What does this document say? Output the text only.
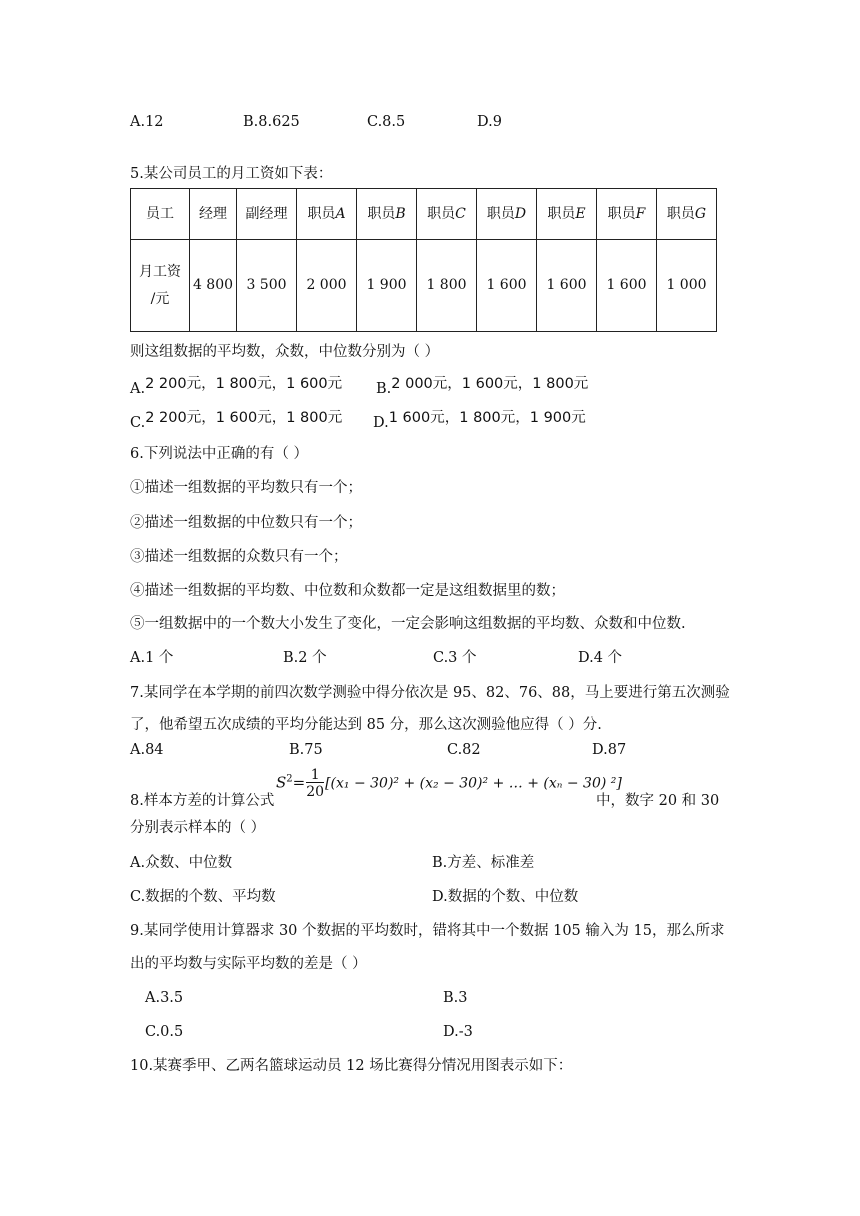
A.12	B.8.625	C.8.5	D.9
5.某公司员工的月工资如下表：
员工	经理	副经理	职员A	职员B	职员C	职员D	职员E	职员F	职员G

月工资
/元	4 800	3 500	2 000	1 900	1 800	1 600	1 600	1 600	1 000
则这组数据的平均数，众数，中位数分别为（ ）
A.2 200元，1 800元，1 600元 B.2 000元，1 600元，1 800元
C.2 200元，1 600元，1 800元 D.1 600元，1 800元，1 900元
6.下列说法中正确的有（ ）
①描述一组数据的平均数只有一个；
②描述一组数据的中位数只有一个；
③描述一组数据的众数只有一个；
④描述一组数据的平均数、中位数和众数都一定是这组数据里的数；
⑤一组数据中的一个数大小发生了变化，一定会影响这组数据的平均数、众数和中位数.
A.1 个	B.2 个	C.3 个	D.4 个
7.某同学在本学期的前四次数学测验中得分依次是 95、82、76、88，马上要进行第五次测验
了，他希望五次成绩的平均分能达到 85 分，那么这次测验他应得（ ）分.
A.84	B.75	C.82	D.87
8.样本方差的计算公式
$S^2= \frac{1}{20} [(x_1 - 30)^2 + (x_2 - 30)^2$ + … + (xₙ − 30) ²]
中，数字 20 和 30
分别表示样本的（ ）
A.众数、中位数	B.方差、标准差
C.数据的个数、平均数	D.数据的个数、中位数
9.某同学使用计算器求 30 个数据的平均数时，错将其中一个数据 105 输入为 15，那么所求
出的平均数与实际平均数的差是（ ）
A.3.5	B.3
C.0.5	D.-3
10.某赛季甲、乙两名篮球运动员 12 场比赛得分情况用图表示如下：
